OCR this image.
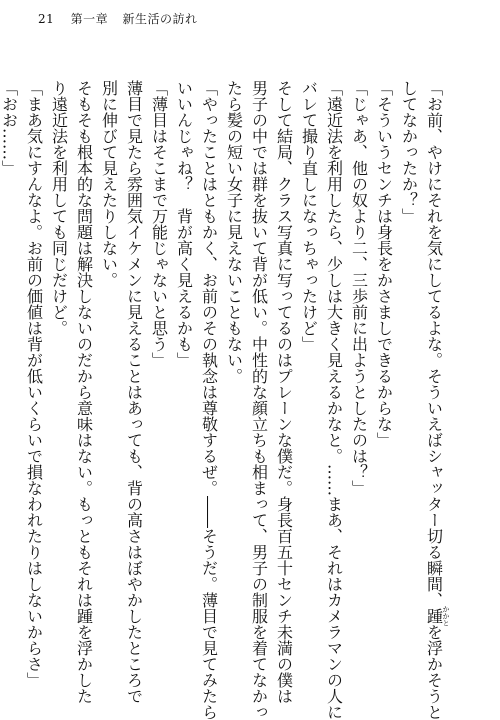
21 第一章 新生活の訪れ
「お前、やけにそれを気にしてるよな。そういえばシャッター切る瞬間、踵かかとを浮かそうと
してなかったか？」
「そういうセンチは身長をかさましできるからな」
「じゃあ、他の奴より二、三歩前に出ようとしたのは？」
「遠近法を利用したら、少しは大きく見えるかなと。……まあ、それはカメラマンの人に
バレて撮り直しになっちゃったけど」
そして結局、クラス写真に写ってるのはプレーンな僕だ。身長百五十センチ未満の僕は
男子の中では群を抜いて背が低い。中性的な顔立ちも相まって、男子の制服を着てなかっ
たら髪の短い女子に見えないこともない。
「やったことはともかく、お前のその執念は尊敬するぜ。――そうだ。薄目で見てみたら
いいんじゃね？　背が高く見えるかも」
「薄目はそこまで万能じゃないと思う」
薄目で見たら雰囲気イケメンに見えることはあっても、背の高さはぼやかしたところで
別に伸びて見えたりしない。
そもそも根本的な問題は解決しないのだから意味はない。もっともそれは踵を浮かした
り遠近法を利用しても同じだけど。
「まあ気にすんなよ。お前の価値は背が低いくらいで損なわれたりはしないからさ」
「おお……」
